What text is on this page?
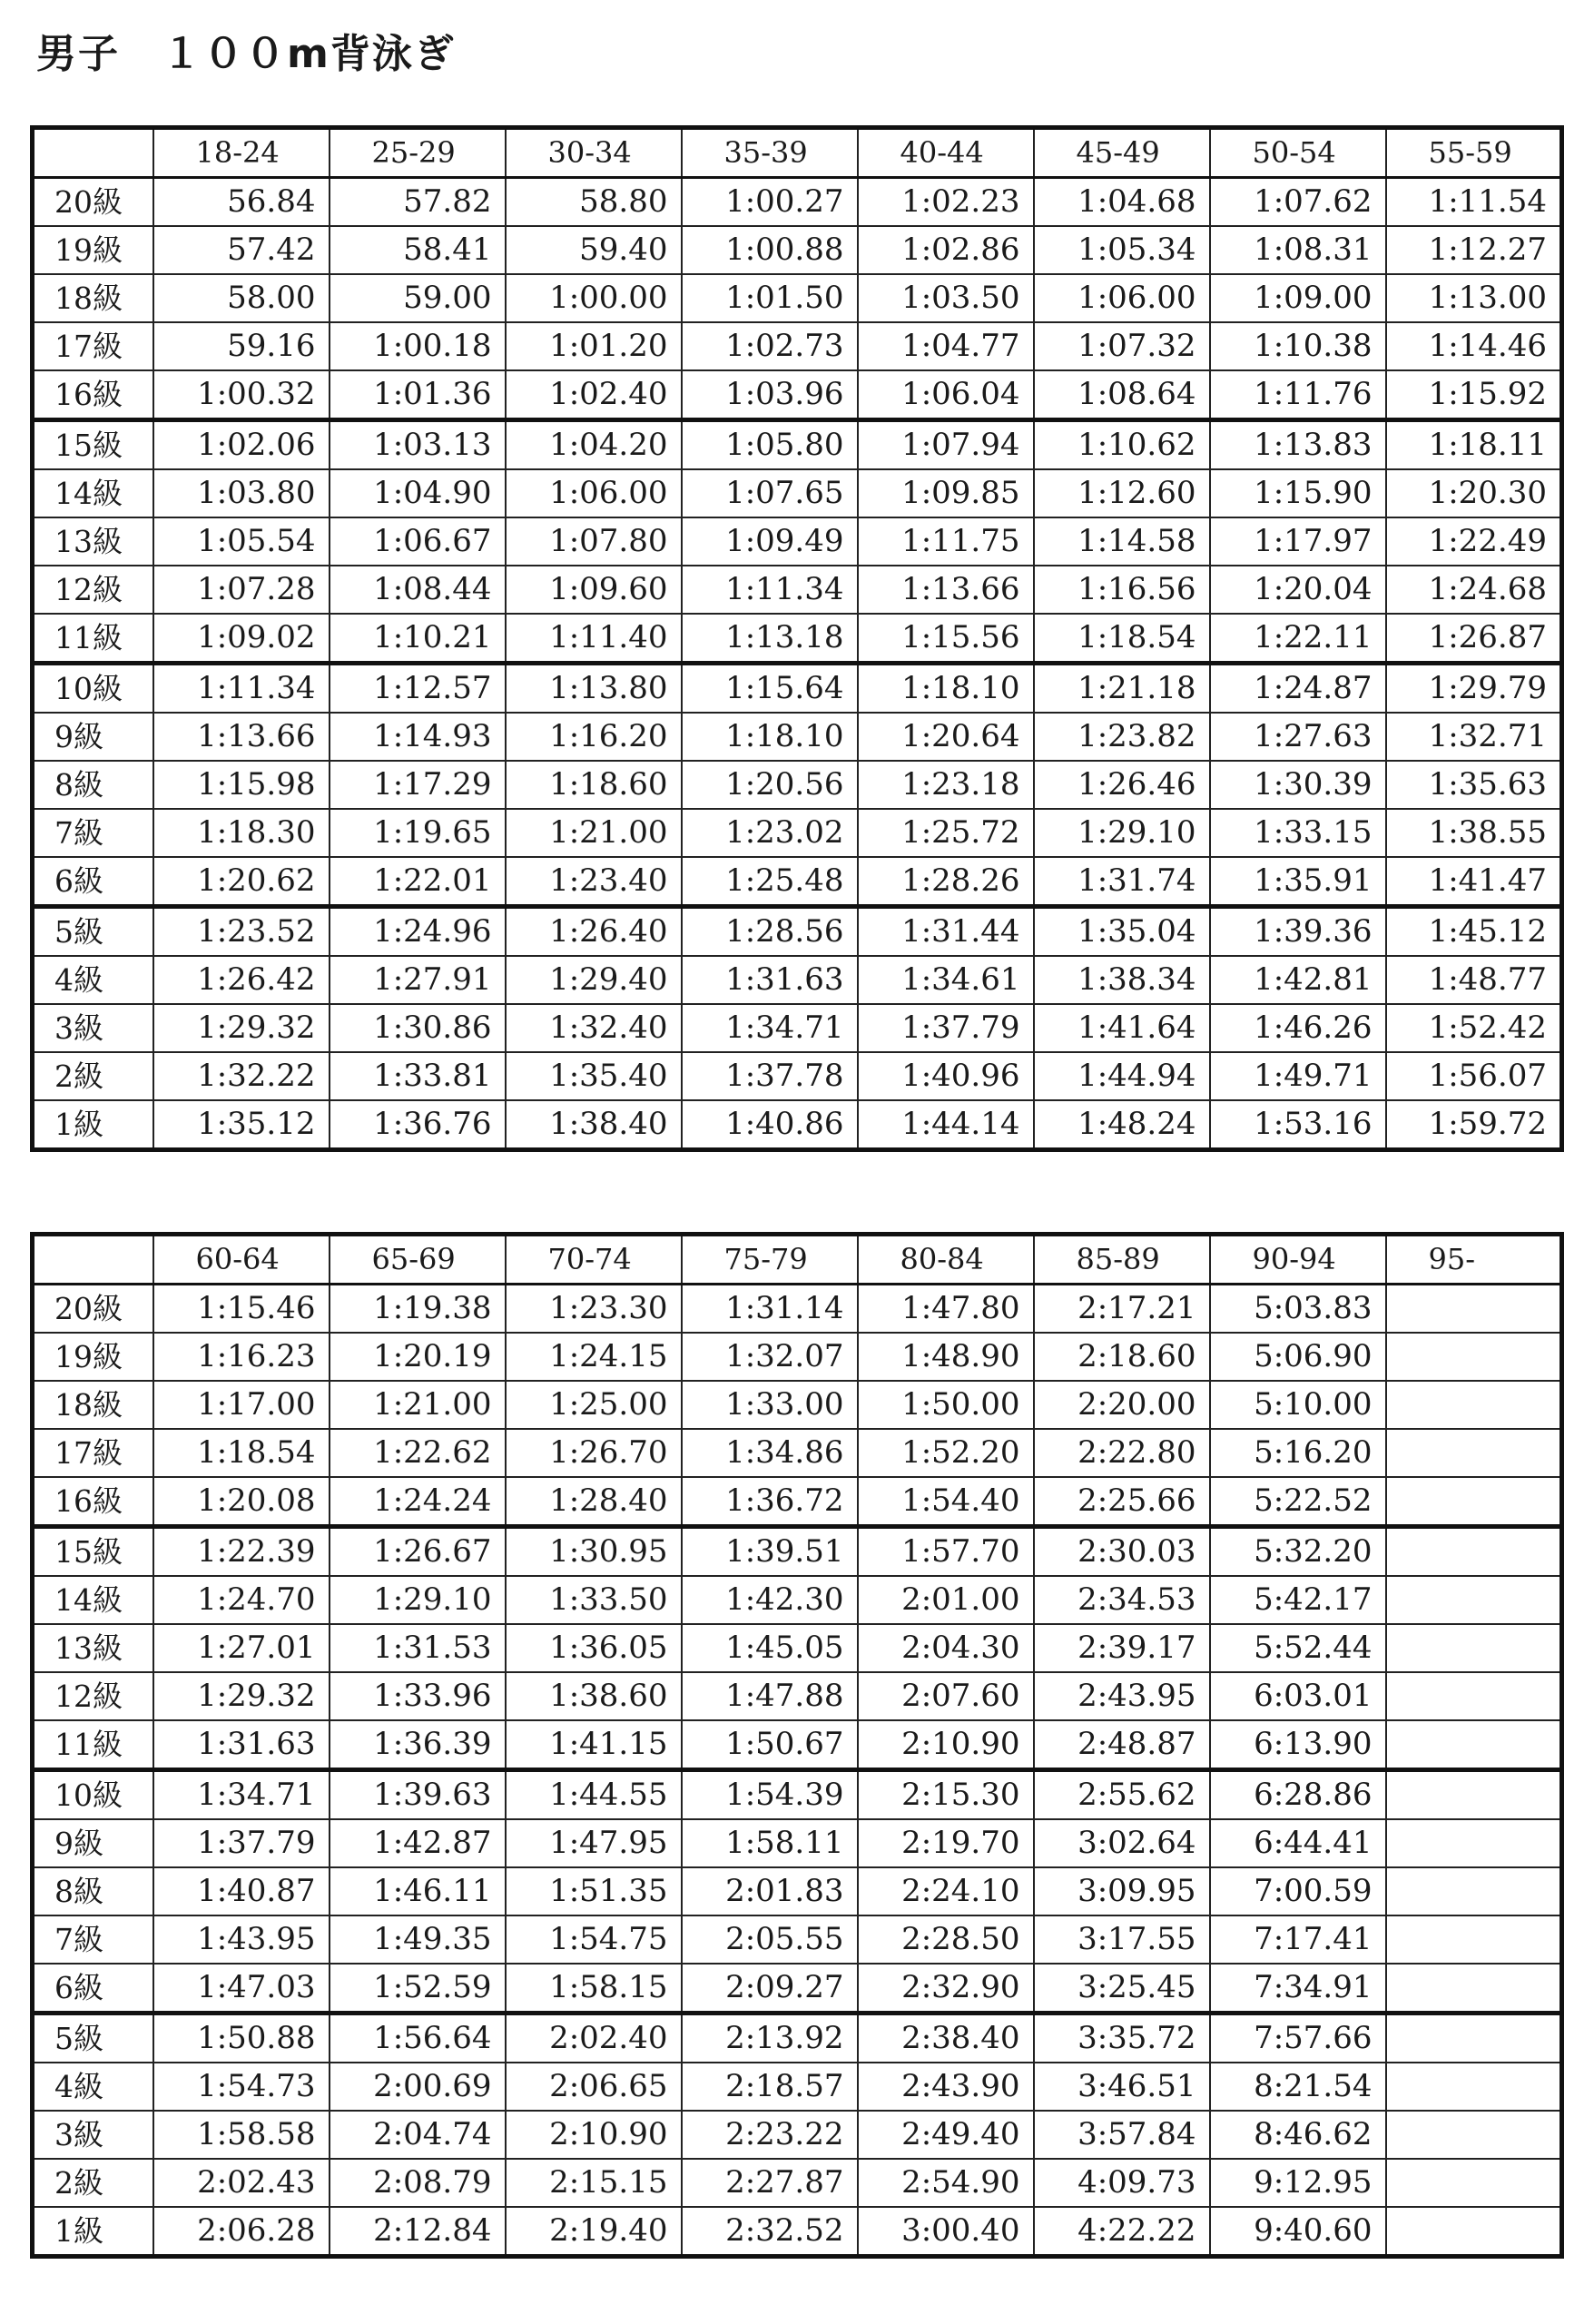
男子　１００m背泳ぎ
	18-24	25-29	30-34	35-39	40-44	45-49	50-54	55-59
20級	56.84	57.82	58.80	1:00.27	1:02.23	1:04.68	1:07.62	1:11.54
19級	57.42	58.41	59.40	1:00.88	1:02.86	1:05.34	1:08.31	1:12.27
18級	58.00	59.00	1:00.00	1:01.50	1:03.50	1:06.00	1:09.00	1:13.00
17級	59.16	1:00.18	1:01.20	1:02.73	1:04.77	1:07.32	1:10.38	1:14.46
16級	1:00.32	1:01.36	1:02.40	1:03.96	1:06.04	1:08.64	1:11.76	1:15.92
15級	1:02.06	1:03.13	1:04.20	1:05.80	1:07.94	1:10.62	1:13.83	1:18.11
14級	1:03.80	1:04.90	1:06.00	1:07.65	1:09.85	1:12.60	1:15.90	1:20.30
13級	1:05.54	1:06.67	1:07.80	1:09.49	1:11.75	1:14.58	1:17.97	1:22.49
12級	1:07.28	1:08.44	1:09.60	1:11.34	1:13.66	1:16.56	1:20.04	1:24.68
11級	1:09.02	1:10.21	1:11.40	1:13.18	1:15.56	1:18.54	1:22.11	1:26.87
10級	1:11.34	1:12.57	1:13.80	1:15.64	1:18.10	1:21.18	1:24.87	1:29.79
9級	1:13.66	1:14.93	1:16.20	1:18.10	1:20.64	1:23.82	1:27.63	1:32.71
8級	1:15.98	1:17.29	1:18.60	1:20.56	1:23.18	1:26.46	1:30.39	1:35.63
7級	1:18.30	1:19.65	1:21.00	1:23.02	1:25.72	1:29.10	1:33.15	1:38.55
6級	1:20.62	1:22.01	1:23.40	1:25.48	1:28.26	1:31.74	1:35.91	1:41.47
5級	1:23.52	1:24.96	1:26.40	1:28.56	1:31.44	1:35.04	1:39.36	1:45.12
4級	1:26.42	1:27.91	1:29.40	1:31.63	1:34.61	1:38.34	1:42.81	1:48.77
3級	1:29.32	1:30.86	1:32.40	1:34.71	1:37.79	1:41.64	1:46.26	1:52.42
2級	1:32.22	1:33.81	1:35.40	1:37.78	1:40.96	1:44.94	1:49.71	1:56.07
1級	1:35.12	1:36.76	1:38.40	1:40.86	1:44.14	1:48.24	1:53.16	1:59.72
	60-64	65-69	70-74	75-79	80-84	85-89	90-94	95-
20級	1:15.46	1:19.38	1:23.30	1:31.14	1:47.80	2:17.21	5:03.83	
19級	1:16.23	1:20.19	1:24.15	1:32.07	1:48.90	2:18.60	5:06.90	
18級	1:17.00	1:21.00	1:25.00	1:33.00	1:50.00	2:20.00	5:10.00	
17級	1:18.54	1:22.62	1:26.70	1:34.86	1:52.20	2:22.80	5:16.20	
16級	1:20.08	1:24.24	1:28.40	1:36.72	1:54.40	2:25.66	5:22.52	
15級	1:22.39	1:26.67	1:30.95	1:39.51	1:57.70	2:30.03	5:32.20	
14級	1:24.70	1:29.10	1:33.50	1:42.30	2:01.00	2:34.53	5:42.17	
13級	1:27.01	1:31.53	1:36.05	1:45.05	2:04.30	2:39.17	5:52.44	
12級	1:29.32	1:33.96	1:38.60	1:47.88	2:07.60	2:43.95	6:03.01	
11級	1:31.63	1:36.39	1:41.15	1:50.67	2:10.90	2:48.87	6:13.90	
10級	1:34.71	1:39.63	1:44.55	1:54.39	2:15.30	2:55.62	6:28.86	
9級	1:37.79	1:42.87	1:47.95	1:58.11	2:19.70	3:02.64	6:44.41	
8級	1:40.87	1:46.11	1:51.35	2:01.83	2:24.10	3:09.95	7:00.59	
7級	1:43.95	1:49.35	1:54.75	2:05.55	2:28.50	3:17.55	7:17.41	
6級	1:47.03	1:52.59	1:58.15	2:09.27	2:32.90	3:25.45	7:34.91	
5級	1:50.88	1:56.64	2:02.40	2:13.92	2:38.40	3:35.72	7:57.66	
4級	1:54.73	2:00.69	2:06.65	2:18.57	2:43.90	3:46.51	8:21.54	
3級	1:58.58	2:04.74	2:10.90	2:23.22	2:49.40	3:57.84	8:46.62	
2級	2:02.43	2:08.79	2:15.15	2:27.87	2:54.90	4:09.73	9:12.95	
1級	2:06.28	2:12.84	2:19.40	2:32.52	3:00.40	4:22.22	9:40.60	
